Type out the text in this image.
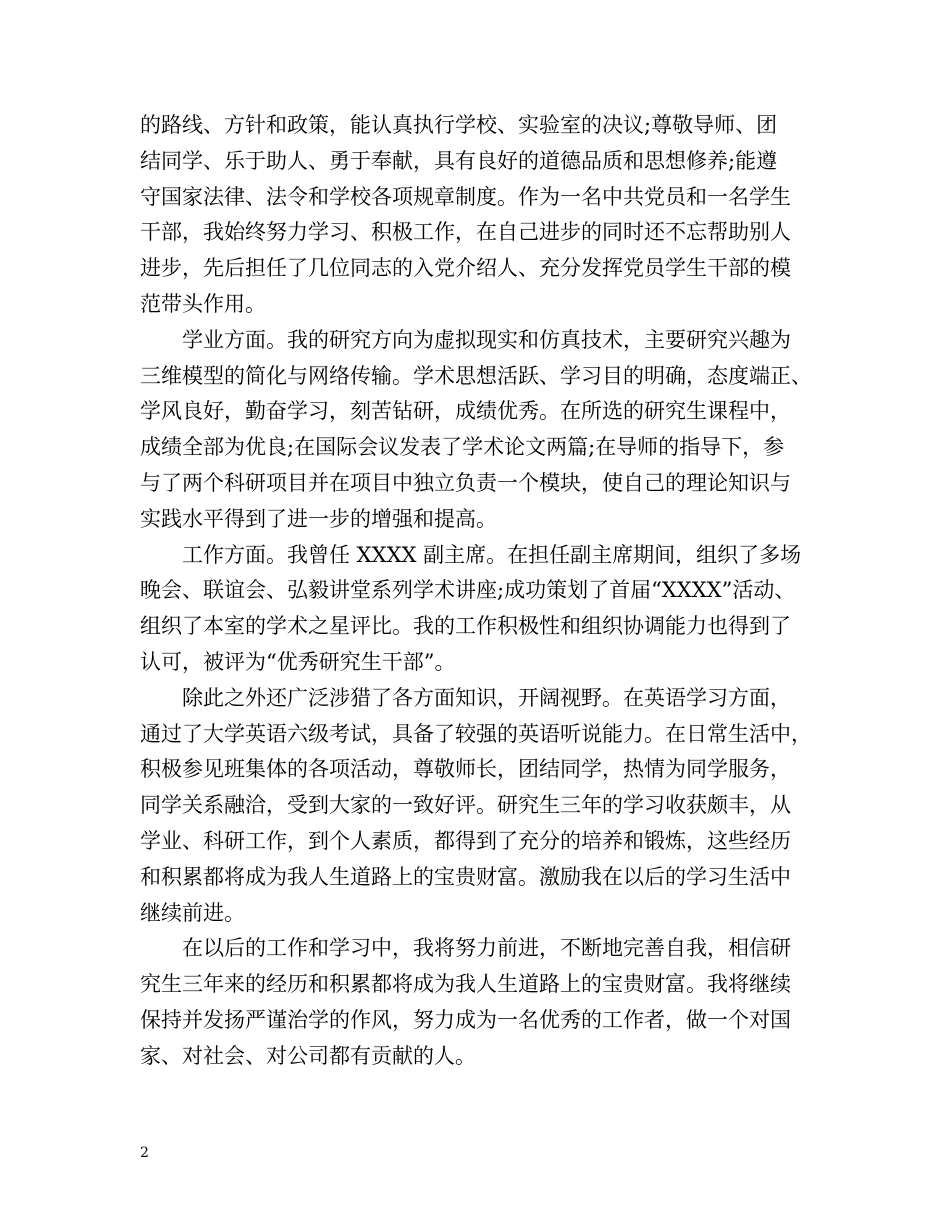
的路线、方针和政策，能认真执行学校、实验室的决议;尊敬导师、团
结同学、乐于助人、勇于奉献，具有良好的道德品质和思想修养;能遵
守国家法律、法令和学校各项规章制度。作为一名中共党员和一名学生
干部，我始终努力学习、积极工作，在自己进步的同时还不忘帮助别人
进步，先后担任了几位同志的入党介绍人、充分发挥党员学生干部的模
范带头作用。
学业方面。我的研究方向为虚拟现实和仿真技术，主要研究兴趣为
三维模型的简化与网络传输。学术思想活跃、学习目的明确，态度端正、
学风良好，勤奋学习，刻苦钻研，成绩优秀。在所选的研究生课程中，
成绩全部为优良;在国际会议发表了学术论文两篇;在导师的指导下，参
与了两个科研项目并在项目中独立负责一个模块，使自己的理论知识与
实践水平得到了进一步的增强和提高。
工作方面。我曾任 XXXX 副主席。在担任副主席期间，组织了多场
晚会、联谊会、弘毅讲堂系列学术讲座;成功策划了首届“XXXX”活动、
组织了本室的学术之星评比。我的工作积极性和组织协调能力也得到了
认可，被评为“优秀研究生干部”。
除此之外还广泛涉猎了各方面知识，开阔视野。在英语学习方面，
通过了大学英语六级考试，具备了较强的英语听说能力。在日常生活中，
积极参见班集体的各项活动，尊敬师长，团结同学，热情为同学服务，
同学关系融洽，受到大家的一致好评。研究生三年的学习收获颇丰，从
学业、科研工作，到个人素质，都得到了充分的培养和锻炼，这些经历
和积累都将成为我人生道路上的宝贵财富。激励我在以后的学习生活中
继续前进。
在以后的工作和学习中，我将努力前进，不断地完善自我，相信研
究生三年来的经历和积累都将成为我人生道路上的宝贵财富。我将继续
保持并发扬严谨治学的作风，努力成为一名优秀的工作者，做一个对国
家、对社会、对公司都有贡献的人。
2
